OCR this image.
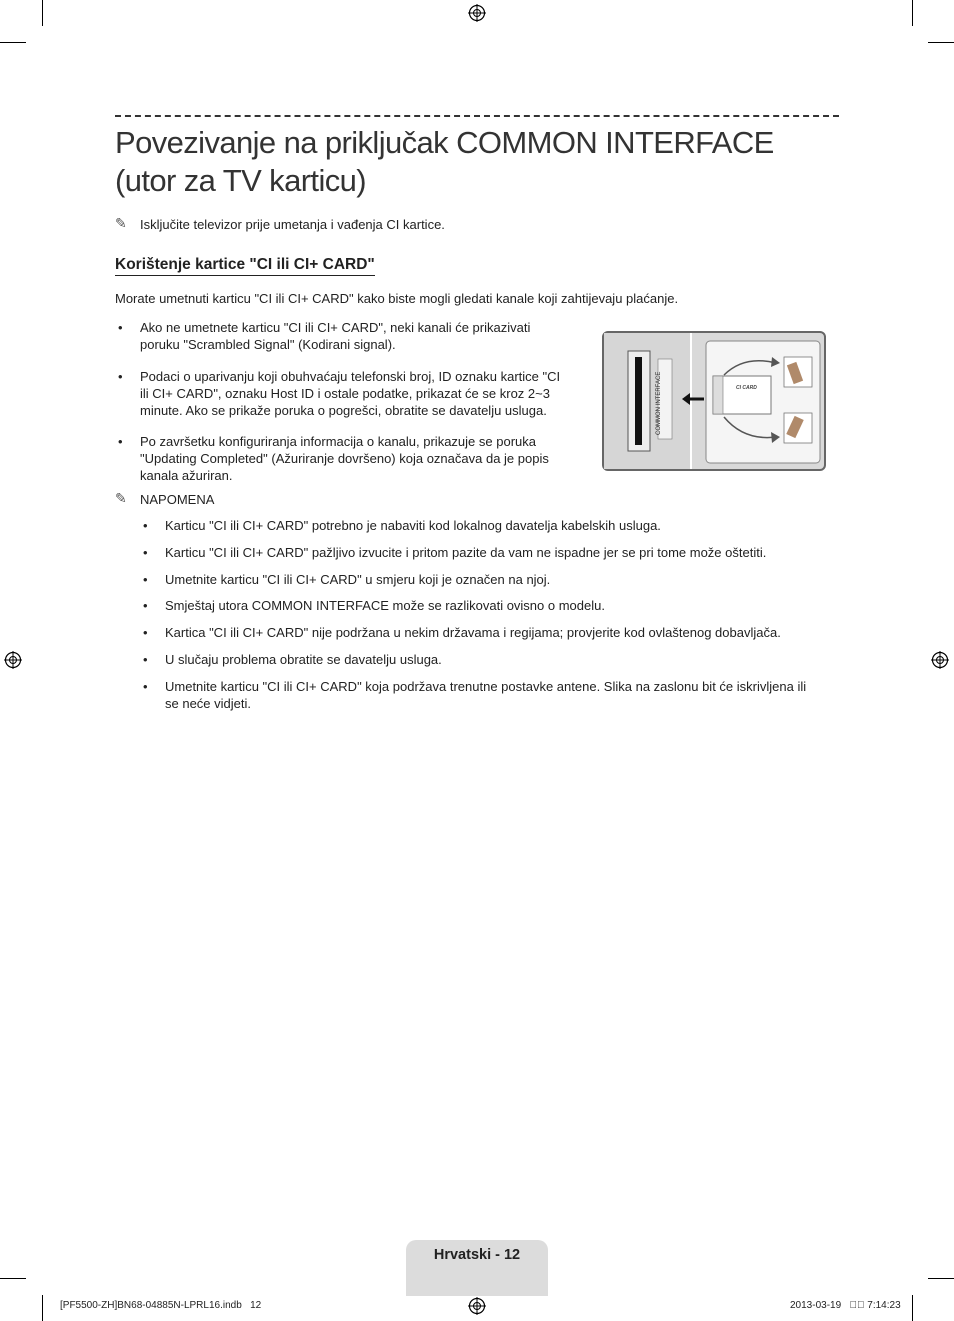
Povezivanje na priključak COMMON INTERFACE
(utor za TV karticu)
✎ Isključite televizor prije umetanja i vađenja CI kartice.
Korištenje kartice "CI ili CI+ CARD"
Morate umetnuti karticu "CI ili CI+ CARD" kako biste mogli gledati kanale koji zahtijevaju plaćanje.
• Ako ne umetnete karticu "CI ili CI+ CARD", neki kanali će prikazivati
poruku "Scrambled Signal" (Kodirani signal).
• Podaci o uparivanju koji obuhvaćaju telefonski broj, ID oznaku kartice "CI
ili CI+ CARD", oznaku Host ID i ostale podatke, prikazat će se kroz 2~3
minute. Ako se prikaže poruka o pogrešci, obratite se davatelju usluga.
• Po završetku konfiguriranja informacija o kanalu, prikazuje se poruka
"Updating Completed" (Ažuriranje dovršeno) koja označava da je popis
kanala ažuriran.
COMMON INTERFACE	CI CARD
✎ NAPOMENA
• Karticu "CI ili CI+ CARD" potrebno je nabaviti kod lokalnog davatelja kabelskih usluga.
• Karticu "CI ili CI+ CARD" pažljivo izvucite i pritom pazite da vam ne ispadne jer se pri tome može oštetiti.
• Umetnite karticu "CI ili CI+ CARD" u smjeru koji je označen na njoj.
• Smještaj utora COMMON INTERFACE može se razlikovati ovisno o modelu.
• Kartica "CI ili CI+ CARD" nije podržana u nekim državama i regijama; provjerite kod ovlaštenog dobavljača.
• U slučaju problema obratite se davatelju usluga.
• Umetnite karticu "CI ili CI+ CARD" koja podržava trenutne postavke antene. Slika na zaslonu bit će iskrivljena ili
se neće vidjeti.
Hrvatski - 12
[PF5500-ZH]BN68-04885N-LPRL16.indb   12	2013-03-19   ￿￿ 7:14:23
